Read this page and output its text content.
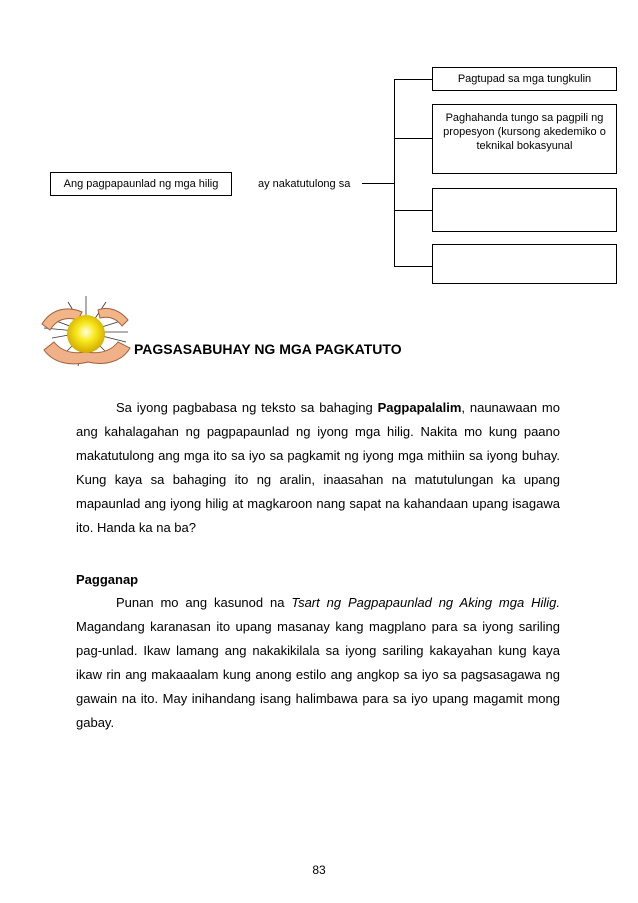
Ang pagpapaunlad ng mga hilig	ay nakatutulong sa
Pagtupad sa mga tungkulin
Paghahanda tungo sa pagpili ng propesyon (kursong akedemiko o teknikal bokasyunal
PAGSASABUHAY NG MGA PAGKATUTO

Sa iyong pagbabasa ng teksto sa bahaging Pagpapalalim, naunawaan mo ang kahalagahan ng pagpapaunlad ng iyong mga hilig. Nakita mo kung paano makatutulong ang mga ito sa iyo sa pagkamit ng iyong mga mithiin sa iyong buhay. Kung kaya sa bahaging ito ng aralin, inaasahan na matutulungan ka upang mapaunlad ang iyong hilig at magkaroon nang sapat na kahandaan upang isagawa ito. Handa ka na ba?

Pagganap

Punan mo ang kasunod na Tsart ng Pagpapaunlad ng Aking mga Hilig. Magandang karanasan ito upang masanay kang magplano para sa iyong sariling pag-unlad. Ikaw lamang ang nakakikilala sa iyong sariling kakayahan kung kaya ikaw rin ang makaaalam kung anong estilo ang angkop sa iyo sa pagsasagawa ng gawain na ito. May inihandang isang halimbawa para sa iyo upang magamit mong gabay.

83
